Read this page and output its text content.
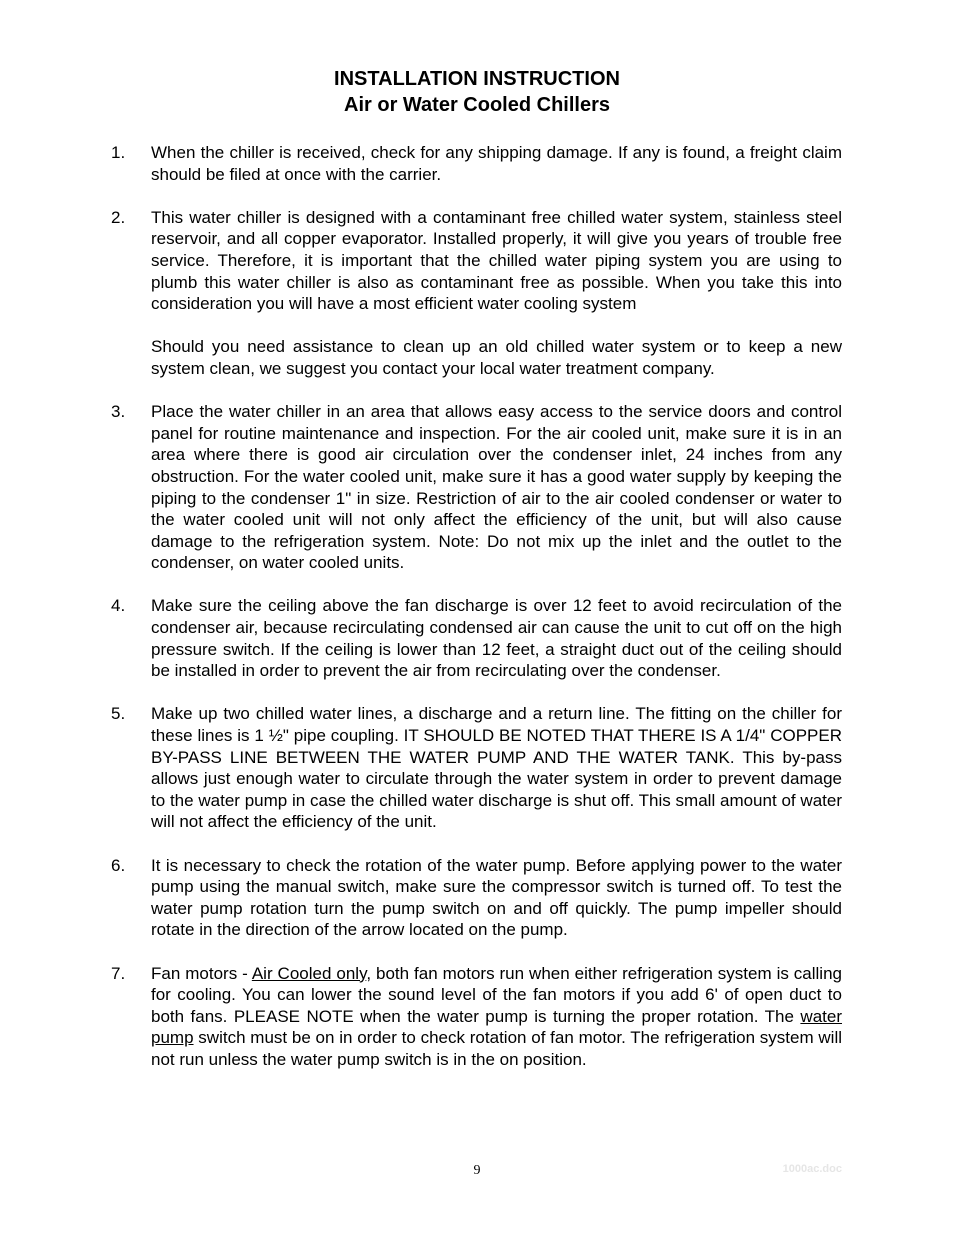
INSTALLATION INSTRUCTION
Air or Water Cooled Chillers
1. When the chiller is received, check for any shipping damage. If any is found, a freight claim should be filed at once with the carrier.

2. This water chiller is designed with a contaminant free chilled water system, stainless steel reservoir, and all copper evaporator. Installed properly, it will give you years of trouble free service. Therefore, it is important that the chilled water piping system you are using to plumb this water chiller is also as contaminant free as possible. When you take this into consideration you will have a most efficient water cooling system

Should you need assistance to clean up an old chilled water system or to keep a new system clean, we suggest you contact your local water treatment company.

3. Place the water chiller in an area that allows easy access to the service doors and control panel for routine maintenance and inspection. For the air cooled unit, make sure it is in an area where there is good air circulation over the condenser inlet, 24 inches from any obstruction. For the water cooled unit, make sure it has a good water supply by keeping the piping to the condenser 1" in size. Restriction of air to the air cooled condenser or water to the water cooled unit will not only affect the efficiency of the unit, but will also cause damage to the refrigeration system. Note: Do not mix up the inlet and the outlet to the condenser, on water cooled units.

4. Make sure the ceiling above the fan discharge is over 12 feet to avoid recirculation of the condenser air, because recirculating condensed air can cause the unit to cut off on the high pressure switch. If the ceiling is lower than 12 feet, a straight duct out of the ceiling should be installed in order to prevent the air from recirculating over the condenser.

5. Make up two chilled water lines, a discharge and a return line. The fitting on the chiller for these lines is 1 ½" pipe coupling. IT SHOULD BE NOTED THAT THERE IS A 1/4" COPPER BY-PASS LINE BETWEEN THE WATER PUMP AND THE WATER TANK. This by-pass allows just enough water to circulate through the water system in order to prevent damage to the water pump in case the chilled water discharge is shut off. This small amount of water will not affect the efficiency of the unit.

6. It is necessary to check the rotation of the water pump. Before applying power to the water pump using the manual switch, make sure the compressor switch is turned off. To test the water pump rotation turn the pump switch on and off quickly. The pump impeller should rotate in the direction of the arrow located on the pump.

7. Fan motors - Air Cooled only, both fan motors run when either refrigeration system is calling for cooling. You can lower the sound level of the fan motors if you add 6' of open duct to both fans. PLEASE NOTE when the water pump is turning the proper rotation. The water pump switch must be on in order to check rotation of fan motor. The refrigeration system will not run unless the water pump switch is in the on position.

9	1000ac.doc
